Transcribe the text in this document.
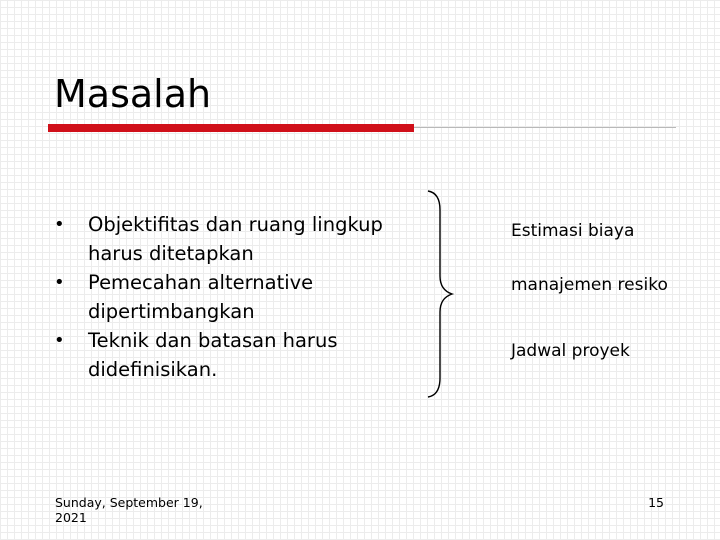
Masalah
• Objektifitas dan ruang lingkup harus ditetapkan
• Pemecahan alternative dipertimbangkan
• Teknik dan batasan harus didefinisikan.
Estimasi biaya
manajemen resiko
Jadwal proyek
Sunday, September 19, 2021
15
